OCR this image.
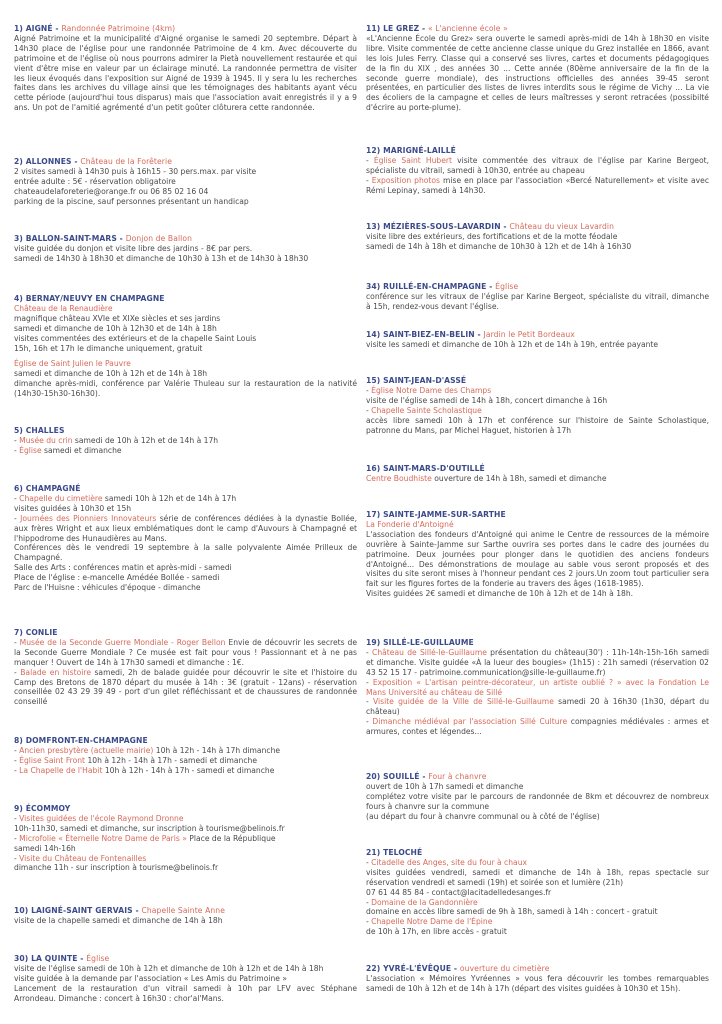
1) AIGNÉ - Randonnée Patrimoine (4km)
Aigné Patrimoine et la municipalité d'Aigné organise le samedi 20 septembre. Départ à 14h30 place de l'église pour une randonnée Patrimoine de 4 km. Avec découverte du patrimoine et de l'église où nous pourrons admirer la Pietà nouvellement restaurée et qui vient d'être mise en valeur par un éclairage minuté. La randonnée permettra de visiter les lieux évoqués dans l'exposition sur Aigné de 1939 à 1945. Il y sera lu les recherches faites dans les archives du village ainsi que les témoignages des habitants ayant vécu cette période (aujourd'hui tous disparus) mais que l'association avait enregistrés il y a 9 ans. Un pot de l'amitié agrémenté d'un petit goûter clôturera cette randonnée.
2) ALLONNES - Château de la Forêterie
2 visites samedi à 14h30 puis à 16h15 - 30 pers.max. par visite
entrée adulte : 5€ - réservation obligatoire
chateaudelaforeterie@orange.fr ou 06 85 02 16 04
parking de la piscine, sauf personnes présentant un handicap
3) BALLON-SAINT-MARS - Donjon de Ballon
visite guidée du donjon et visite libre des jardins - 8€ par pers.
samedi de 14h30 à 18h30 et dimanche de 10h30 à 13h et de 14h30 à 18h30
4) BERNAY/NEUVY EN CHAMPAGNE
Château de la Renaudière
magnifique château XVIe et XIXe siècles et ses jardins
samedi et dimanche de 10h à 12h30 et de 14h à 18h
visites commentées des extérieurs et de la chapelle Saint Louis
15h, 16h et 17h le dimanche uniquement, gratuit
Église de Saint Julien le Pauvre
samedi et dimanche de 10h à 12h et de 14h à 18h
dimanche après-midi, conférence par Valérie Thuleau sur la restauration de la nativité (14h30-15h30-16h30).
5) CHALLES
- Musée du crin samedi de 10h à 12h et de 14h à 17h
- Église samedi et dimanche
6) CHAMPAGNÉ
- Chapelle du cimetière samedi 10h à 12h et de 14h à 17h
visites guidées à 10h30 et 15h
- Journées des Pionniers Innovateurs série de conférences dédiées à la dynastie Bollée, aux frères Wright et aux lieux emblématiques dont le camp d'Auvours à Champagné et l'hippodrome des Hunaudières au Mans.
Conférences dès le vendredi 19 septembre à la salle polyvalente Aimée Prilleux de Champagné.
Salle des Arts : conférences matin et après-midi - samedi
Place de l'église : e-mancelle Amédée Bollée - samedi
Parc de l'Huisne : véhicules d'époque - dimanche
7) CONLIE
- Musée de la Seconde Guerre Mondiale - Roger Bellon Envie de découvrir les secrets de la Seconde Guerre Mondiale ? Ce musée est fait pour vous ! Passionnant et à ne pas manquer ! Ouvert de 14h à 17h30 samedi et dimanche : 1€.
- Balade en histoire samedi, 2h de balade guidée pour découvrir le site et l'histoire du Camp des Bretons de 1870 départ du musée à 14h : 3€ (gratuit - 12ans) - réservation conseillée 02 43 29 39 49 - port d'un gilet réfléchissant et de chaussures de randonnée conseillé
8) DOMFRONT-EN-CHAMPAGNE
- Ancien presbytère (actuelle mairie) 10h à 12h - 14h à 17h dimanche
- Église Saint Front 10h à 12h - 14h à 17h - samedi et dimanche
- La Chapelle de l'Habit 10h à 12h - 14h à 17h - samedi et dimanche
9) ÉCOMMOY
- Visites guidées de l'école Raymond Dronne
10h-11h30, samedi et dimanche, sur inscription à tourisme@belinois.fr
- Microfolie « Éternelle Notre Dame de Paris » Place de la République
samedi 14h-16h
- Visite du Château de Fontenailles
dimanche 11h - sur inscription à tourisme@belinois.fr
10) LAIGNÉ-SAINT GERVAIS - Chapelle Sainte Anne
visite de la chapelle samedi et dimanche de 14h à 18h
30) LA QUINTE - Église
visite de l'église samedi de 10h à 12h et dimanche de 10h à 12h et de 14h à 18h
visite guidée à la demande par l'association « Les Amis du Patrimoine »
Lancement de la restauration d'un vitrail samedi à 10h par LFV avec Stéphane Arrondeau. Dimanche : concert à 16h30 : chor'al'Mans.
11) LE GREZ - « L'ancienne école »
«L'Ancienne École du Grez» sera ouverte le samedi après-midi de 14h à 18h30 en visite libre. Visite commentée de cette ancienne classe unique du Grez installée en 1866, avant les lois Jules Ferry. Classe qui a conservé ses livres, cartes et documents pédagogiques de la fin du XIX , des années 30 ... Cette année (80ème anniversaire de la fin de la seconde guerre mondiale), des instructions officielles des années 39-45 seront présentées, en particulier des listes de livres interdits sous le régime de Vichy ... La vie des écoliers de la campagne et celles de leurs maîtresses y seront retracées (possibilté d'écrire au porte-plume).
12) MARIGNÉ-LAILLÉ
- Église Saint Hubert visite commentée des vitraux de l'église par Karine Bergeot, spécialiste du vitrail, samedi à 10h30, entrée au chapeau
- Exposition photos mise en place par l'association «Bercé Naturellement» et visite avec Rémi Lepinay, samedi à 14h30.
13) MÉZIÈRES-SOUS-LAVARDIN - Château du vieux Lavardin
visite libre des extérieurs, des fortifications et de la motte féodale
samedi de 14h à 18h et dimanche de 10h30 à 12h et de 14h à 16h30
34) RUILLÉ-EN-CHAMPAGNE - Église
conférence sur les vitraux de l'église par Karine Bergeot, spécialiste du vitrail, dimanche à 15h, rendez-vous devant l'église.
14) SAINT-BIEZ-EN-BELIN - Jardin le Petit Bordeaux
visite les samedi et dimanche de 10h à 12h et de 14h à 19h, entrée payante
15) SAINT-JEAN-D'ASSÉ
- Église Notre Dame des Champs
visite de l'église samedi de 14h à 18h, concert dimanche à 16h
- Chapelle Sainte Scholastique
accès libre samedi 10h à 17h et conférence sur l'histoire de Sainte Scholastique, patronne du Mans, par Michel Haguet, historien à 17h
16) SAINT-MARS-D'OUTILLÉ
Centre Boudhiste ouverture de 14h à 18h, samedi et dimanche
17) SAINTE-JAMME-SUR-SARTHE
La Fonderie d'Antoigné
L'association des fondeurs d'Antoigné qui anime le Centre de ressources de la mémoire ouvrière à Sainte-Jamme sur Sarthe ouvrira ses portes dans le cadre des journées du patrimoine. Deux journées pour plonger dans le quotidien des anciens fondeurs d'Antoigné... Des démonstrations de moulage au sable vous seront proposés et des visites du site seront mises à l'honneur pendant ces 2 jours.Un zoom tout particulier sera fait sur les figures fortes de la fonderie au travers des âges (1618-1985).
Visites guidées 2€ samedi et dimanche de 10h à 12h et de 14h à 18h.
19) SILLÉ-LE-GUILLAUME
- Château de Sillé-le-Guillaume présentation du château(30') : 11h-14h-15h-16h samedi et dimanche. Visite guidée «À la lueur des bougies» (1h15) : 21h samedi (réservation 02 43 52 15 17 - patrimoine.communication@sille-le-guillaume.fr)
- Exposition « L'artisan peintre-décorateur, un artiste oublié ? » avec la Fondation Le Mans Université au château de Sillé
- Visite guidée de la Ville de Sillé-le-Guillaume samedi 20 à 16h30 (1h30, départ du château)
- Dimanche médiéval par l'association Sillé Culture compagnies médiévales : armes et armures, contes et légendes...
20) SOUILLÉ - Four à chanvre
ouvert de 10h à 17h samedi et dimanche
complétez votre visite par le parcours de randonnée de 8km et découvrez de nombreux fours à chanvre sur la commune
(au départ du four à chanvre communal ou à côté de l'église)
21) TELOCHÉ
- Citadelle des Anges, site du four à chaux
visites guidées vendredi, samedi et dimanche de 14h à 18h, repas spectacle sur réservation vendredi et samedi (19h) et soirée son et lumière (21h)
07 61 44 85 84 - contact@lacitadelledesanges.fr
- Domaine de la Gandonnière
domaine en accès libre samedi de 9h à 18h, samedi à 14h : concert - gratuit
- Chapelle Notre Dame de l'Épine
de 10h à 17h, en libre accès - gratuit
22) YVRÉ-L'ÉVÊQUE - ouverture du cimetière
L'association « Mémoires Yvréennes » vous fera découvrir les tombes remarquables samedi de 10h à 12h et de 14h à 17h (départ des visites guidées à 10h30 et 15h).
